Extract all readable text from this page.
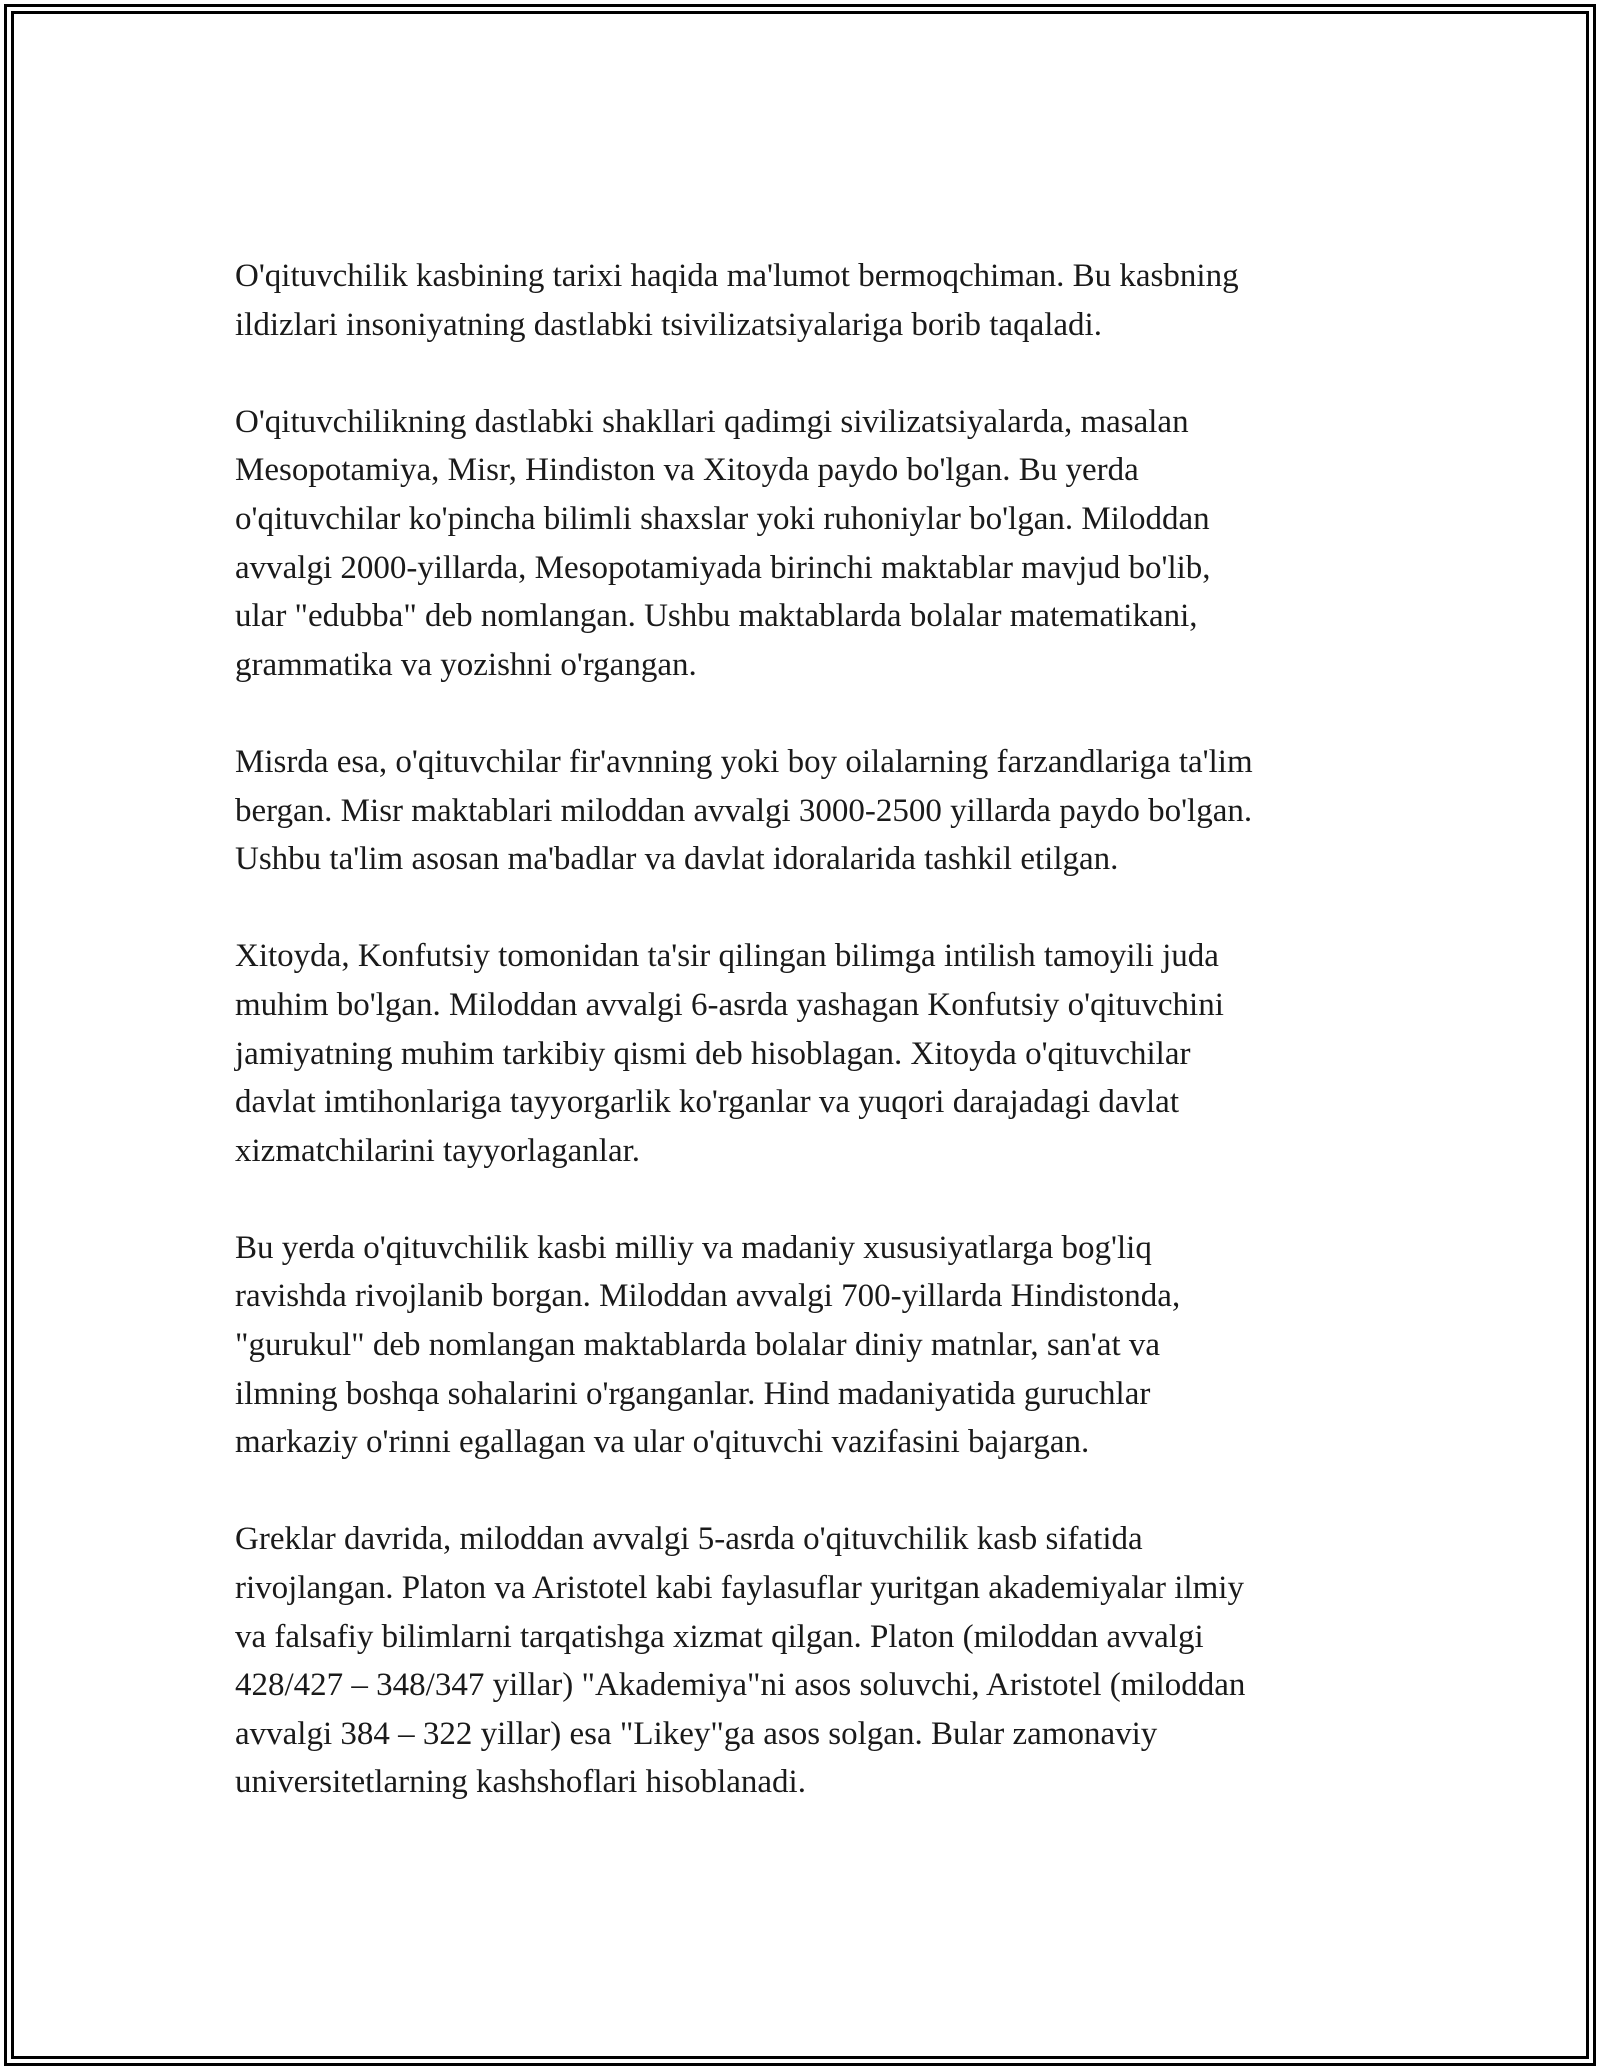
O'qituvchilik kasbining tarixi haqida ma'lumot bermoqchiman. Bu kasbning
ildizlari insoniyatning dastlabki tsivilizatsiyalariga borib taqaladi.

O'qituvchilikning dastlabki shakllari qadimgi sivilizatsiyalarda, masalan
Mesopotamiya, Misr, Hindiston va Xitoyda paydo bo'lgan. Bu yerda
o'qituvchilar ko'pincha bilimli shaxslar yoki ruhoniylar bo'lgan. Miloddan
avvalgi 2000-yillarda, Mesopotamiyada birinchi maktablar mavjud bo'lib,
ular "edubba" deb nomlangan. Ushbu maktablarda bolalar matematikani,
grammatika va yozishni o'rgangan.

Misrda esa, o'qituvchilar fir'avnning yoki boy oilalarning farzandlariga ta'lim
bergan. Misr maktablari miloddan avvalgi 3000-2500 yillarda paydo bo'lgan.
Ushbu ta'lim asosan ma'badlar va davlat idoralarida tashkil etilgan.

Xitoyda, Konfutsiy tomonidan ta'sir qilingan bilimga intilish tamoyili juda
muhim bo'lgan. Miloddan avvalgi 6-asrda yashagan Konfutsiy o'qituvchini
jamiyatning muhim tarkibiy qismi deb hisoblagan. Xitoyda o'qituvchilar
davlat imtihonlariga tayyorgarlik ko'rganlar va yuqori darajadagi davlat
xizmatchilarini tayyorlaganlar.

Bu yerda o'qituvchilik kasbi milliy va madaniy xususiyatlarga bog'liq
ravishda rivojlanib borgan. Miloddan avvalgi 700-yillarda Hindistonda,
"gurukul" deb nomlangan maktablarda bolalar diniy matnlar, san'at va
ilmning boshqa sohalarini o'rganganlar. Hind madaniyatida guruchlar
markaziy o'rinni egallagan va ular o'qituvchi vazifasini bajargan.

Greklar davrida, miloddan avvalgi 5-asrda o'qituvchilik kasb sifatida
rivojlangan. Platon va Aristotel kabi faylasuflar yuritgan akademiyalar ilmiy
va falsafiy bilimlarni tarqatishga xizmat qilgan. Platon (miloddan avvalgi
428/427 – 348/347 yillar) "Akademiya"ni asos soluvchi, Aristotel (miloddan
avvalgi 384 – 322 yillar) esa "Likey"ga asos solgan. Bular zamonaviy
universitetlarning kashshoflari hisoblanadi.
